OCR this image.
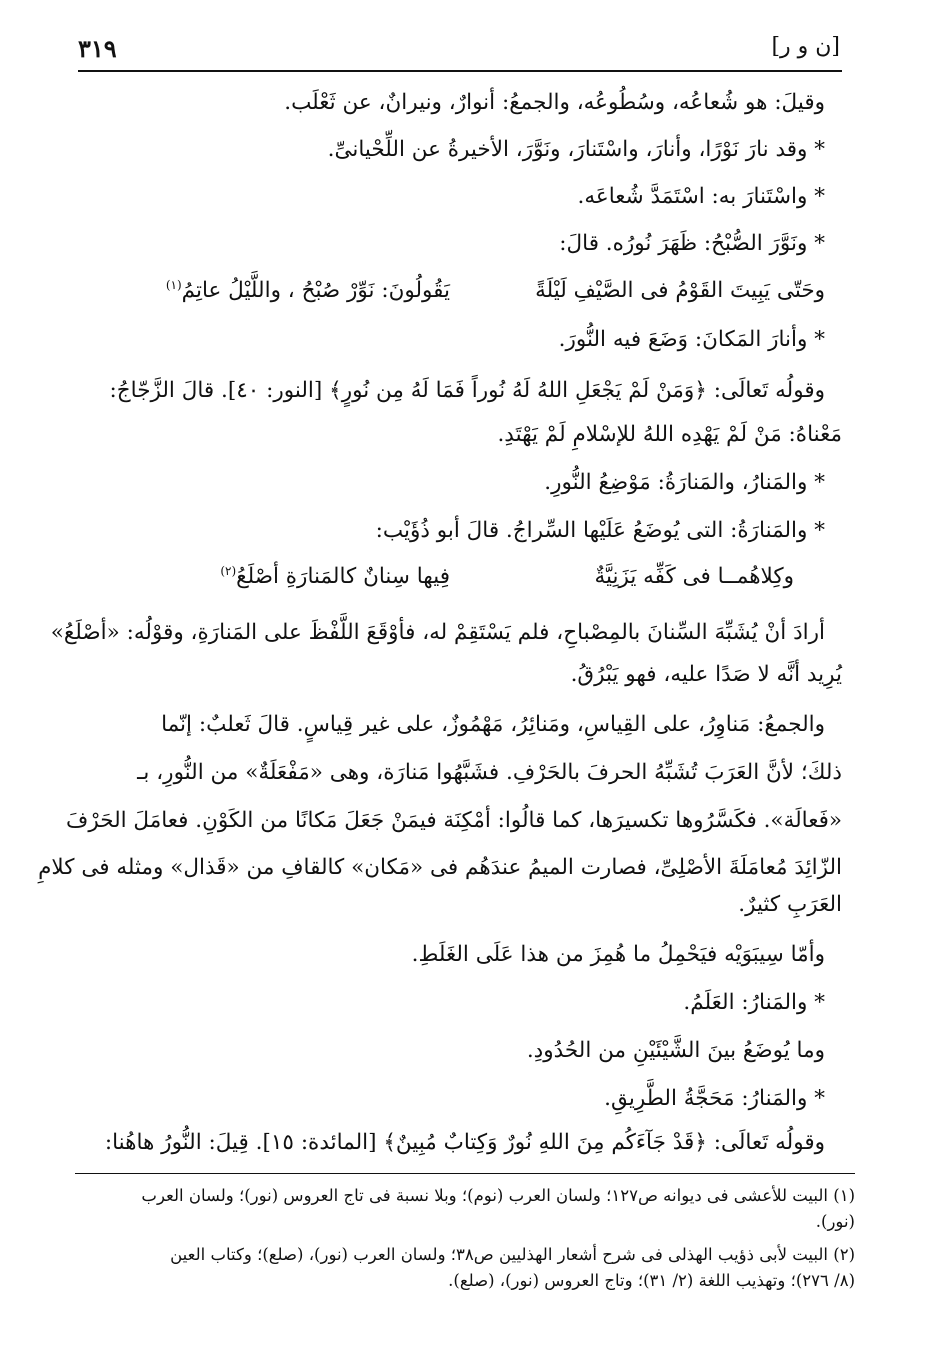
٣١٩	[ن و ر]
وقيلَ: هو شُعاعُه، وسُطُوعُه، والجمعُ: أنوارٌ، ونيرانٌ، عن ثَعْلَب.
* وقد نارَ نَوْرًا، وأنارَ، واسْتَنارَ، ونَوَّرَ، الأخيرةُ عن اللِّحْيانىِّ.
* واسْتَنارَ به: اسْتَمَدَّ شُعاعَه.
* ونَوَّرَ الصُّبْحُ: ظَهَرَ نُورُه. قالَ:
وحَتّى يَبِيتَ القَوْمُ فى الصَّيْفِ لَيْلَةً
يَقُولُونَ: نَوِّرْ صُبْحُ ، واللَّيْلُ عاتِمُ$^{(١)}$
* وأنارَ المَكانَ: وَضَعَ فيه النُّورَ.
وقولُه تَعالَى: ﴿وَمَنْ لَمْ يَجْعَلِ اللهُ لَهُ نُوراً فَمَا لَهُ مِن نُورٍ﴾ [النور: ٤٠]. قالَ الزَّجّاجُ:
مَعْناهُ: مَنْ لَمْ يَهْدِه اللهُ للإسْلامِ لَمْ يَهْتَدِ.
* والمَنارُ، والمَنارَةُ: مَوْضِعُ النُّورِ.
* والمَنارَةُ: التى يُوضَعُ عَلَيْها السِّراجُ. قالَ أبو ذُؤَيْب:
وكِلاهُمــا فى كَفِّه يَزَنِيَّةٌ
فِيها سِنانٌ كالمَنارَةِ أصْلَعُ$^{(٢)}$
أرادَ أنْ يُشَبِّهَ السِّنانَ بالمِصْباحِ، فلم يَسْتَقِمْ له، فأوْقَعَ اللَّفْظَ على المَنارَةِ، وقوْلُه: «أصْلَعُ»
يُرِيد أنَّه لا صَدًا عليه، فهو يَبْرُقُ.
والجمعُ: مَناوِرُ، على القِياسِ، ومَنائِرُ، مَهْمُوزٌ، على غير قِياسٍ. قالَ ثَعلبٌ: إنّما
ذلكَ؛ لأنَّ العَرَبَ تُشَبِّهُ الحرفَ بالحَرْفِ. فشَبَّهُوا مَنارَة، وهى «مَفْعَلَةٌ» من النُّورِ، بـ
«فَعالَة». فكَسَّرُوها تكسيرَها، كما قالُوا: أمْكِنَة فيمَنْ جَعَلَ مَكانًا من الكَوْنِ. فعامَلَ الحَرْفَ
الزّائِدَ مُعامَلَةَ الأصْلِىِّ، فصارت الميمُ عندَهُم فى «مَكان» كالقافِ من «قَذال» ومثله فى كلامِ
العَرَبِ كثيرٌ.
وأمّا سِيبَوَيْه فيَحْمِلُ ما هُمِزَ من هذا عَلَى الغَلَطِ.
* والمَنارُ: العَلَمُ.
وما يُوضَعُ بينَ الشَّيْئَيْنِ من الحُدُودِ.
* والمَنارُ: مَحَجَّةُ الطَّرِيقِ.
وقولُه تَعالَى: ﴿قَدْ جَآءَكُم مِنَ اللهِ نُورٌ وَكِتابٌ مُبِينٌ﴾ [المائدة: ١٥]. قِيلَ: النُّورُ هاهُنا:
(١) البيت للأعشى فى ديوانه ص١٢٧؛ ولسان العرب (نوم)؛ وبلا نسبة فى تاج العروس (نور)؛ ولسان العرب
(نور).
(٢) البيت لأبى ذؤيب الهذلى فى شرح أشعار الهذليين ص٣٨؛ ولسان العرب (نور)، (صلع)؛ وكتاب العين
(٨/ ٢٧٦)؛ وتهذيب اللغة (٢/ ٣١)؛ وتاج العروس (نور)، (صلع).
